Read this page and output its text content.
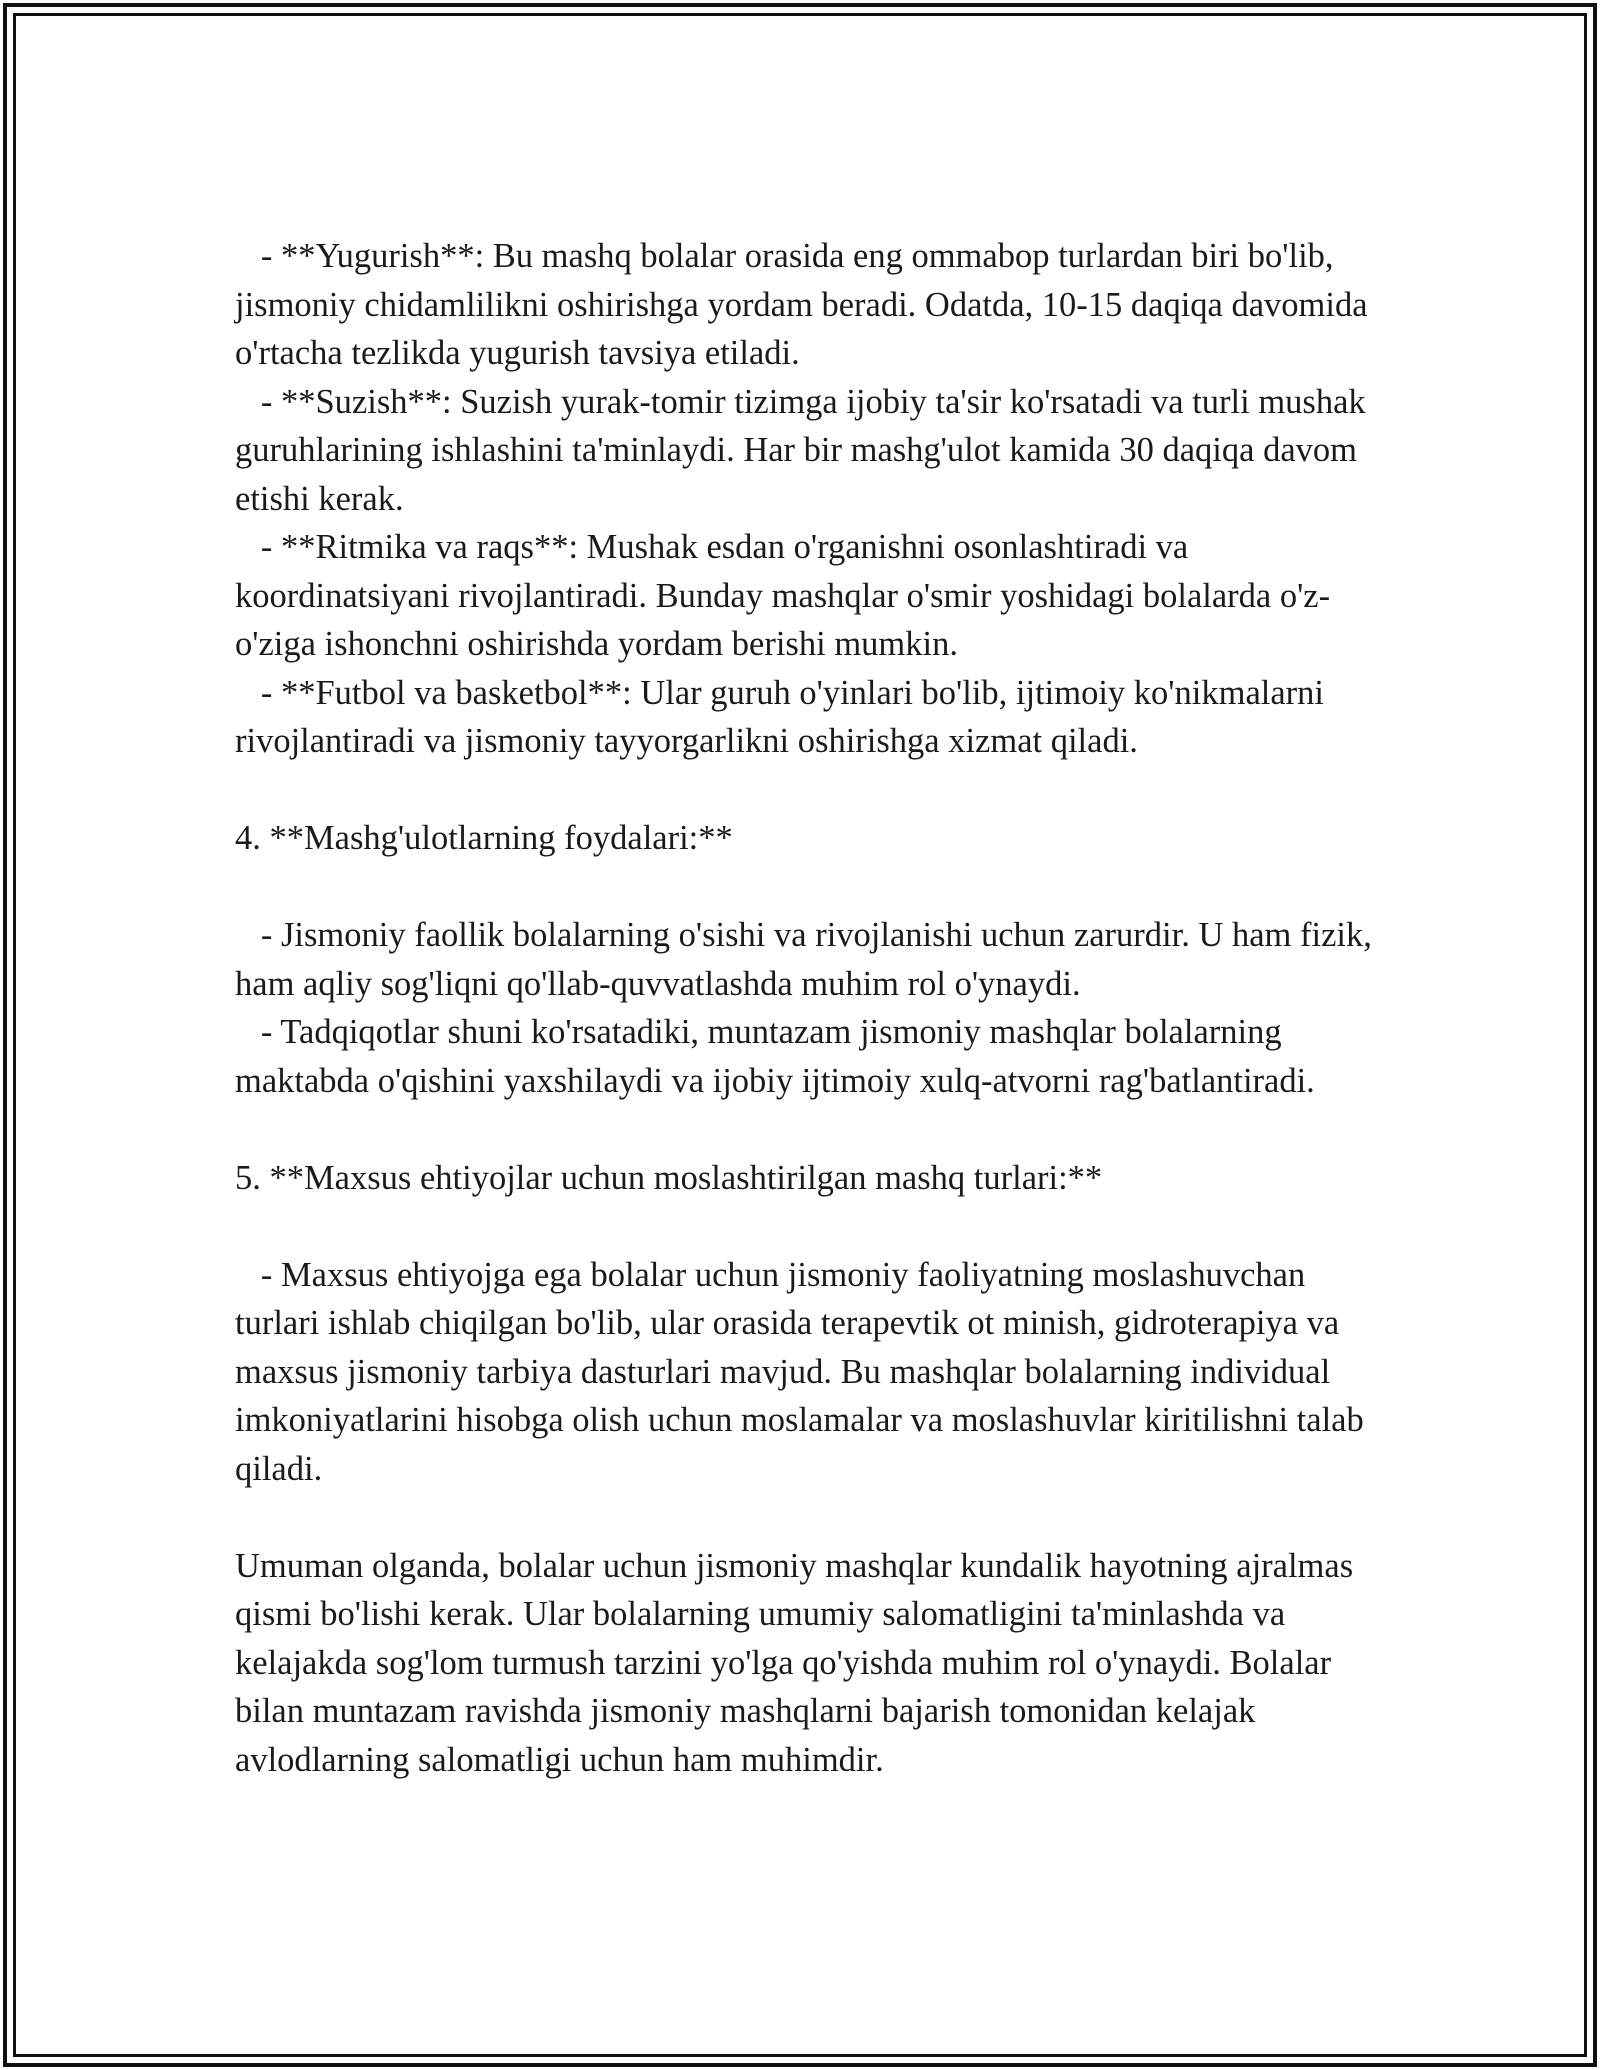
- **Yugurish**: Bu mashq bolalar orasida eng ommabop turlardan biri bo'lib, jismoniy chidamlilikni oshirishga yordam beradi. Odatda, 10-15 daqiqa davomida o'rtacha tezlikda yugurish tavsiya etiladi.

- **Suzish**: Suzish yurak-tomir tizimga ijobiy ta'sir ko'rsatadi va turli mushak guruhlarining ishlashini ta'minlaydi. Har bir mashg'ulot kamida 30 daqiqa davom etishi kerak.

- **Ritmika va raqs**: Mushak esdan o'rganishni osonlashtiradi va koordinatsiyani rivojlantiradi. Bunday mashqlar o'smir yoshidagi bolalarda o'z-o'ziga ishonchni oshirishda yordam berishi mumkin.

- **Futbol va basketbol**: Ular guruh o'yinlari bo'lib, ijtimoiy ko'nikmalarni rivojlantiradi va jismoniy tayyorgarlikni oshirishga xizmat qiladi.

4. **Mashg'ulotlarning foydalari:**

- Jismoniy faollik bolalarning o'sishi va rivojlanishi uchun zarurdir. U ham fizik, ham aqliy sog'liqni qo'llab-quvvatlashda muhim rol o'ynaydi.

- Tadqiqotlar shuni ko'rsatadiki, muntazam jismoniy mashqlar bolalarning maktabda o'qishini yaxshilaydi va ijobiy ijtimoiy xulq-atvorni rag'batlantiradi.

5. **Maxsus ehtiyojlar uchun moslashtirilgan mashq turlari:**

- Maxsus ehtiyojga ega bolalar uchun jismoniy faoliyatning moslashuvchan turlari ishlab chiqilgan bo'lib, ular orasida terapevtik ot minish, gidroterapiya va maxsus jismoniy tarbiya dasturlari mavjud. Bu mashqlar bolalarning individual imkoniyatlarini hisobga olish uchun moslamalar va moslashuvlar kiritilishni talab qiladi.

Umuman olganda, bolalar uchun jismoniy mashqlar kundalik hayotning ajralmas qismi bo'lishi kerak. Ular bolalarning umumiy salomatligini ta'minlashda va kelajakda sog'lom turmush tarzini yo'lga qo'yishda muhim rol o'ynaydi. Bolalar bilan muntazam ravishda jismoniy mashqlarni bajarish tomonidan kelajak avlodlarning salomatligi uchun ham muhimdir.
